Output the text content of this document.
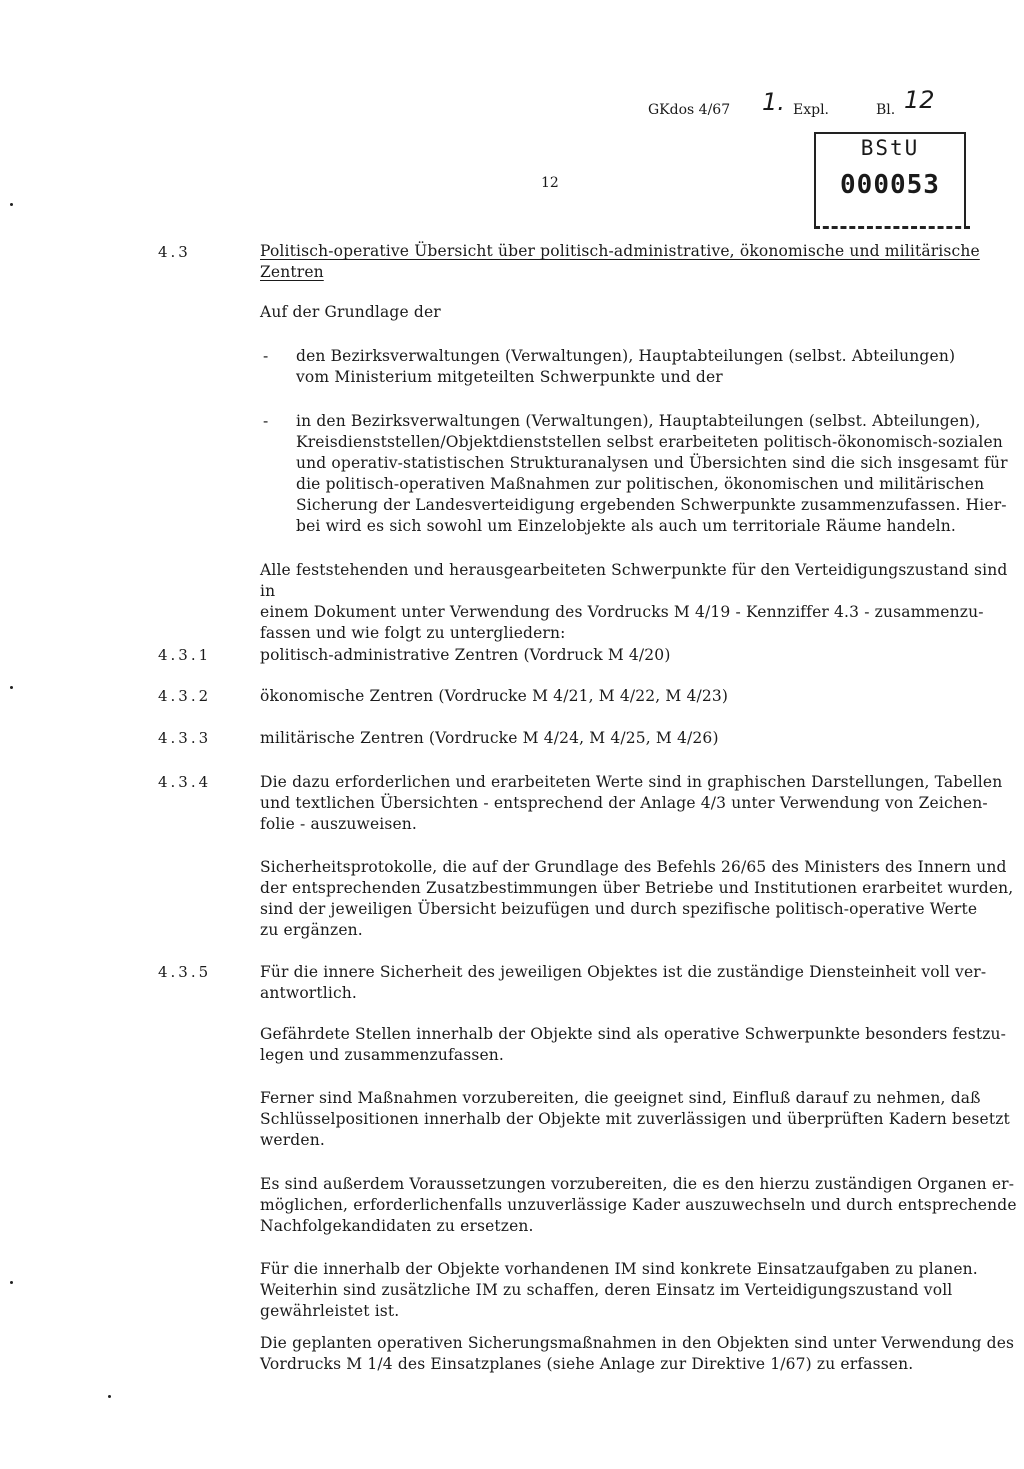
GKdos 4/67 1. Expl.	Bl. 12
BStU
000053
12
4.3	Politisch-operative Übersicht über politisch-administrative, ökonomische und militärische
Zentren
Auf der Grundlage der
- den Bezirksverwaltungen (Verwaltungen), Hauptabteilungen (selbst. Abteilungen)

vom Ministerium mitgeteilten Schwerpunkte und der

- in den Bezirksverwaltungen (Verwaltungen), Hauptabteilungen (selbst. Abteilungen),

Kreisdienststellen/Objektdienststellen selbst erarbeiteten politisch-ökonomisch-sozialen

und operativ-statistischen Strukturanalysen und Übersichten sind die sich insgesamt für

die politisch-operativen Maßnahmen zur politischen, ökonomischen und militärischen

Sicherung der Landesverteidigung ergebenden Schwerpunkte zusammenzufassen. Hier-

bei wird es sich sowohl um Einzelobjekte als auch um territoriale Räume handeln.

Alle feststehenden und herausgearbeiteten Schwerpunkte für den Verteidigungszustand sind in

einem Dokument unter Verwendung des Vordrucks M 4/19 - Kennziffer 4.3 - zusammenzu-

fassen und wie folgt zu untergliedern:

4.3.1	politisch-administrative Zentren (Vordruck M 4/20)
4.3.2	ökonomische Zentren (Vordrucke M 4/21, M 4/22, M 4/23)
4.3.3	militärische Zentren (Vordrucke M 4/24, M 4/25, M 4/26)
4.3.4	Die dazu erforderlichen und erarbeiteten Werte sind in graphischen Darstellungen, Tabellen

und textlichen Übersichten - entsprechend der Anlage 4/3 unter Verwendung von Zeichen-

folie - auszuweisen.

Sicherheitsprotokolle, die auf der Grundlage des Befehls 26/65 des Ministers des Innern und

der entsprechenden Zusatzbestimmungen über Betriebe und Institutionen erarbeitet wurden,

sind der jeweiligen Übersicht beizufügen und durch spezifische politisch-operative Werte

zu ergänzen.

4.3.5	Für die innere Sicherheit des jeweiligen Objektes ist die zuständige Diensteinheit voll ver-

antwortlich.

Gefährdete Stellen innerhalb der Objekte sind als operative Schwerpunkte besonders festzu-

legen und zusammenzufassen.

Ferner sind Maßnahmen vorzubereiten, die geeignet sind, Einfluß darauf zu nehmen, daß

Schlüsselpositionen innerhalb der Objekte mit zuverlässigen und überprüften Kadern besetzt

werden.

Es sind außerdem Voraussetzungen vorzubereiten, die es den hierzu zuständigen Organen er-

möglichen, erforderlichenfalls unzuverlässige Kader auszuwechseln und durch entsprechende

Nachfolgekandidaten zu ersetzen.

Für die innerhalb der Objekte vorhandenen IM sind konkrete Einsatzaufgaben zu planen.

Weiterhin sind zusätzliche IM zu schaffen, deren Einsatz im Verteidigungszustand voll

gewährleistet ist.

Die geplanten operativen Sicherungsmaßnahmen in den Objekten sind unter Verwendung des

Vordrucks M 1/4 des Einsatzplanes (siehe Anlage zur Direktive 1/67) zu erfassen.
